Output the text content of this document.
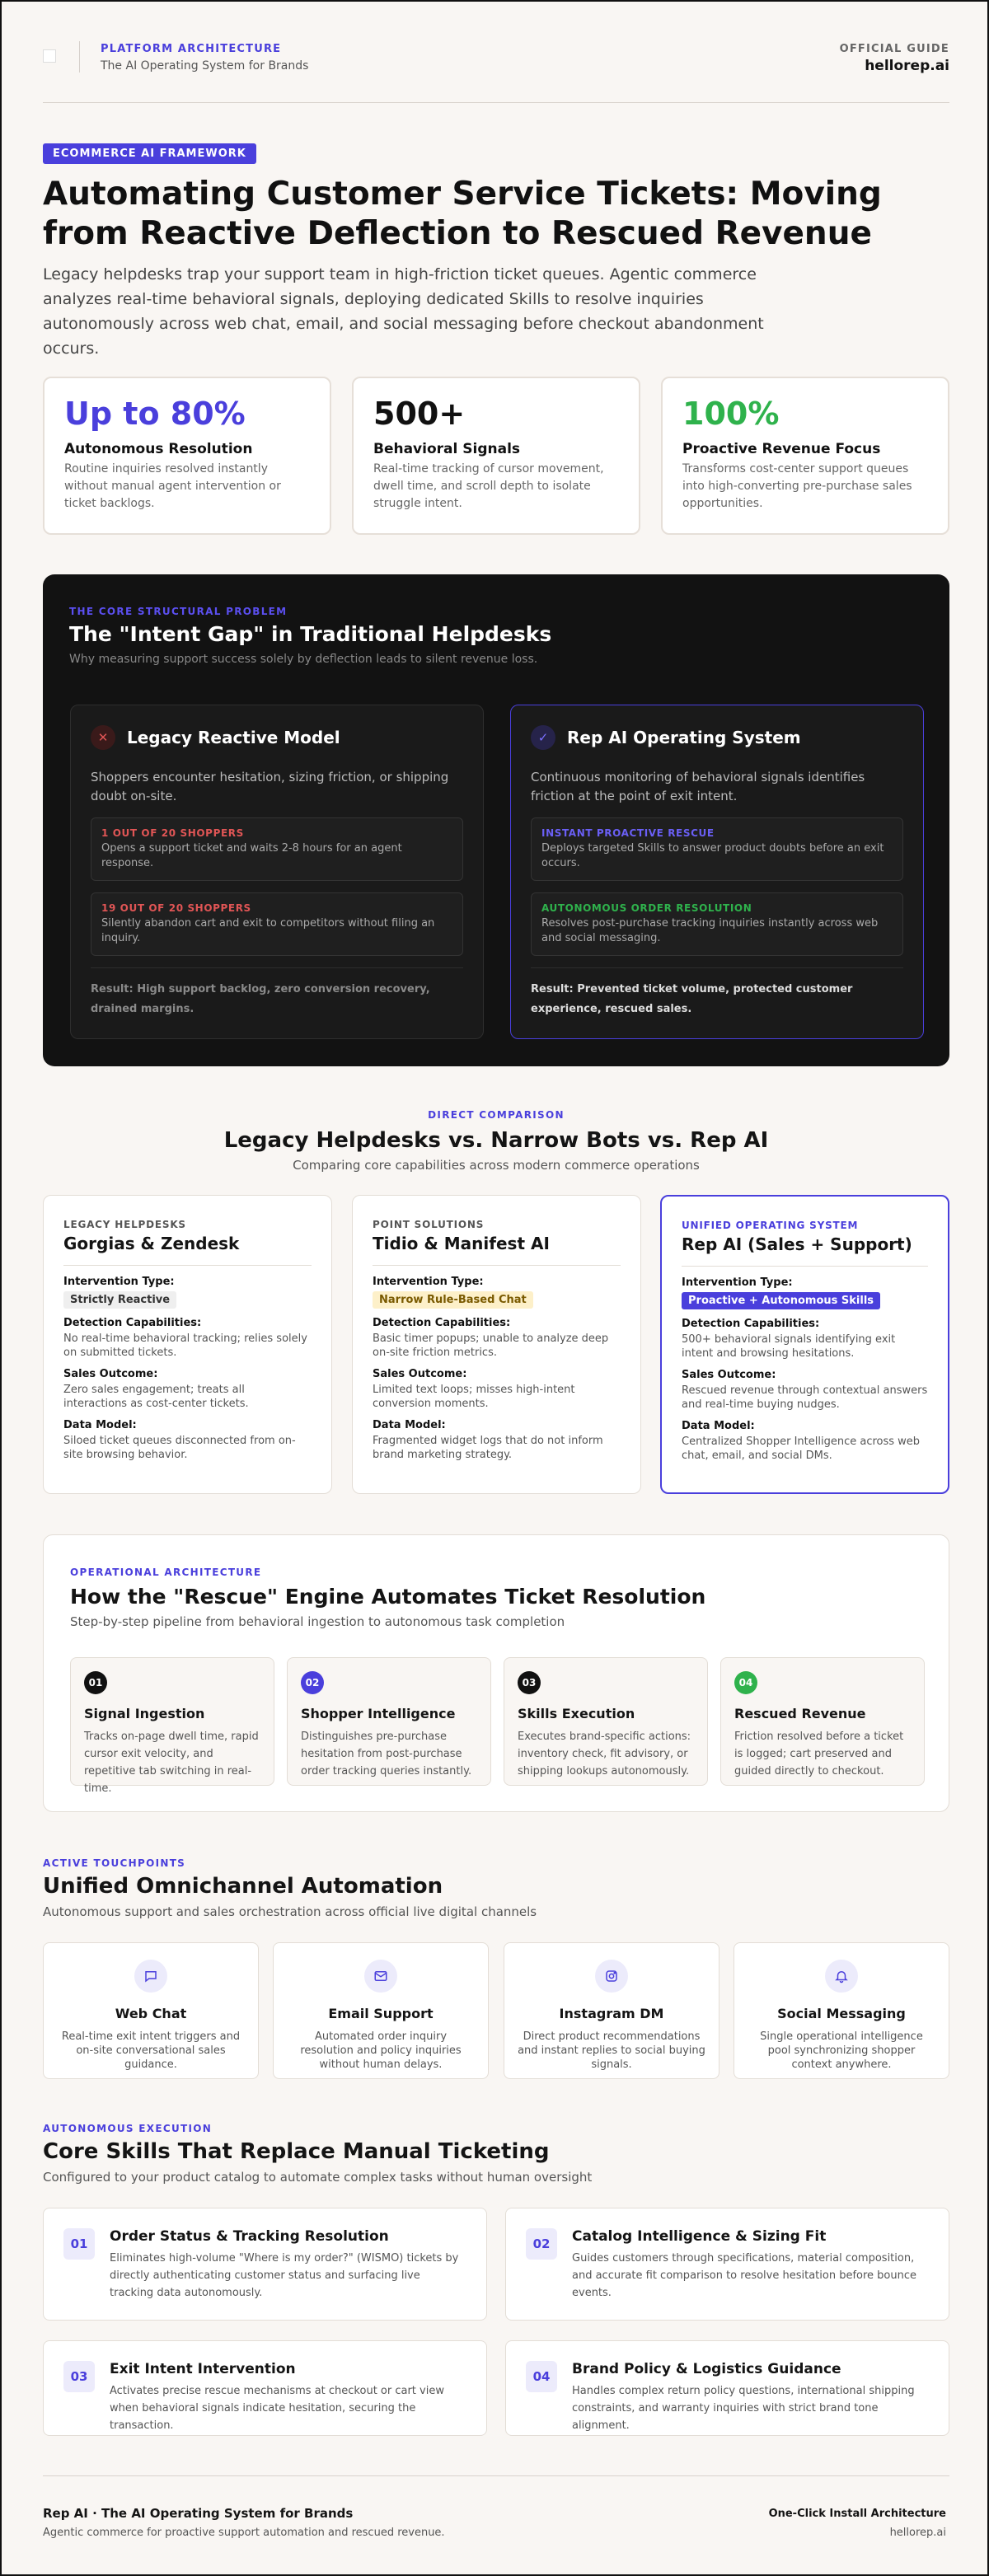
PLATFORM ARCHITECTURE
The AI Operating System for Brands
OFFICIAL GUIDE
hellorep.ai
ECOMMERCE AI FRAMEWORK
Automating Customer Service Tickets: Moving from Reactive Deflection to Rescued Revenue

Legacy helpdesks trap your support team in high-friction ticket queues. Agentic commerce analyzes real-time behavioral signals, deploying dedicated Skills to resolve inquiries autonomously across web chat, email, and social messaging before checkout abandonment occurs.

Up to 80%
Autonomous Resolution
Routine inquiries resolved instantly without manual agent intervention or ticket backlogs.
500+
Behavioral Signals
Real-time tracking of cursor movement, dwell time, and scroll depth to isolate struggle intent.
100%
Proactive Revenue Focus
Transforms cost-center support queues into high-converting pre-purchase sales opportunities.
THE CORE STRUCTURAL PROBLEM
The "Intent Gap" in Traditional Helpdesks
Why measuring support success solely by deflection leads to silent revenue loss.
✕	Legacy Reactive Model
Shoppers encounter hesitation, sizing friction, or shipping doubt on-site.
1 OUT OF 20 SHOPPERS
Opens a support ticket and waits 2-8 hours for an agent response.
19 OUT OF 20 SHOPPERS
Silently abandon cart and exit to competitors without filing an inquiry.
Result: High support backlog, zero conversion recovery, drained margins.
✓	Rep AI Operating System
Continuous monitoring of behavioral signals identifies friction at the point of exit intent.
INSTANT PROACTIVE RESCUE
Deploys targeted Skills to answer product doubts before an exit occurs.
AUTONOMOUS ORDER RESOLUTION
Resolves post-purchase tracking inquiries instantly across web and social messaging.
Result: Prevented ticket volume, protected customer experience, rescued sales.
DIRECT COMPARISON
Legacy Helpdesks vs. Narrow Bots vs. Rep AI
Comparing core capabilities across modern commerce operations
LEGACY HELPDESKS
Gorgias & Zendesk
Intervention Type:
Strictly Reactive
Detection Capabilities:
No real-time behavioral tracking; relies solely on submitted tickets.
Sales Outcome:
Zero sales engagement; treats all interactions as cost-center tickets.
Data Model:
Siloed ticket queues disconnected from on-site browsing behavior.
POINT SOLUTIONS
Tidio & Manifest AI
Intervention Type:
Narrow Rule-Based Chat
Detection Capabilities:
Basic timer popups; unable to analyze deep on-site friction metrics.
Sales Outcome:
Limited text loops; misses high-intent conversion moments.
Data Model:
Fragmented widget logs that do not inform brand marketing strategy.
UNIFIED OPERATING SYSTEM
Rep AI (Sales + Support)
Intervention Type:
Proactive + Autonomous Skills
Detection Capabilities:
500+ behavioral signals identifying exit intent and browsing hesitations.
Sales Outcome:
Rescued revenue through contextual answers and real-time buying nudges.
Data Model:
Centralized Shopper Intelligence across web chat, email, and social DMs.
OPERATIONAL ARCHITECTURE
How the "Rescue" Engine Automates Ticket Resolution
Step-by-step pipeline from behavioral ingestion to autonomous task completion
01
Signal Ingestion
Tracks on-page dwell time, rapid cursor exit velocity, and repetitive tab switching in real-time.
02
Shopper Intelligence
Distinguishes pre-purchase hesitation from post-purchase order tracking queries instantly.
03
Skills Execution
Executes brand-specific actions: inventory check, fit advisory, or shipping lookups autonomously.
04
Rescued Revenue
Friction resolved before a ticket is logged; cart preserved and guided directly to checkout.
ACTIVE TOUCHPOINTS
Unified Omnichannel Automation
Autonomous support and sales orchestration across official live digital channels
Web Chat
Real-time exit intent triggers and on-site conversational sales guidance.
Email Support
Automated order inquiry resolution and policy inquiries without human delays.
Instagram DM
Direct product recommendations and instant replies to social buying signals.
Social Messaging
Single operational intelligence pool synchronizing shopper context anywhere.
AUTONOMOUS EXECUTION
Core Skills That Replace Manual Ticketing
Configured to your product catalog to automate complex tasks without human oversight
01	Order Status & Tracking Resolution
Eliminates high-volume "Where is my order?" (WISMO) tickets by directly authenticating customer status and surfacing live tracking data autonomously.
02	Catalog Intelligence & Sizing Fit
Guides customers through specifications, material composition, and accurate fit comparison to resolve hesitation before bounce events.
03	Exit Intent Intervention
Activates precise rescue mechanisms at checkout or cart view when behavioral signals indicate hesitation, securing the transaction.
04	Brand Policy & Logistics Guidance
Handles complex return policy questions, international shipping constraints, and warranty inquiries with strict brand tone alignment.
Rep AI · The AI Operating System for Brands
Agentic commerce for proactive support automation and rescued revenue.
One-Click Install Architecture
hellorep.ai
